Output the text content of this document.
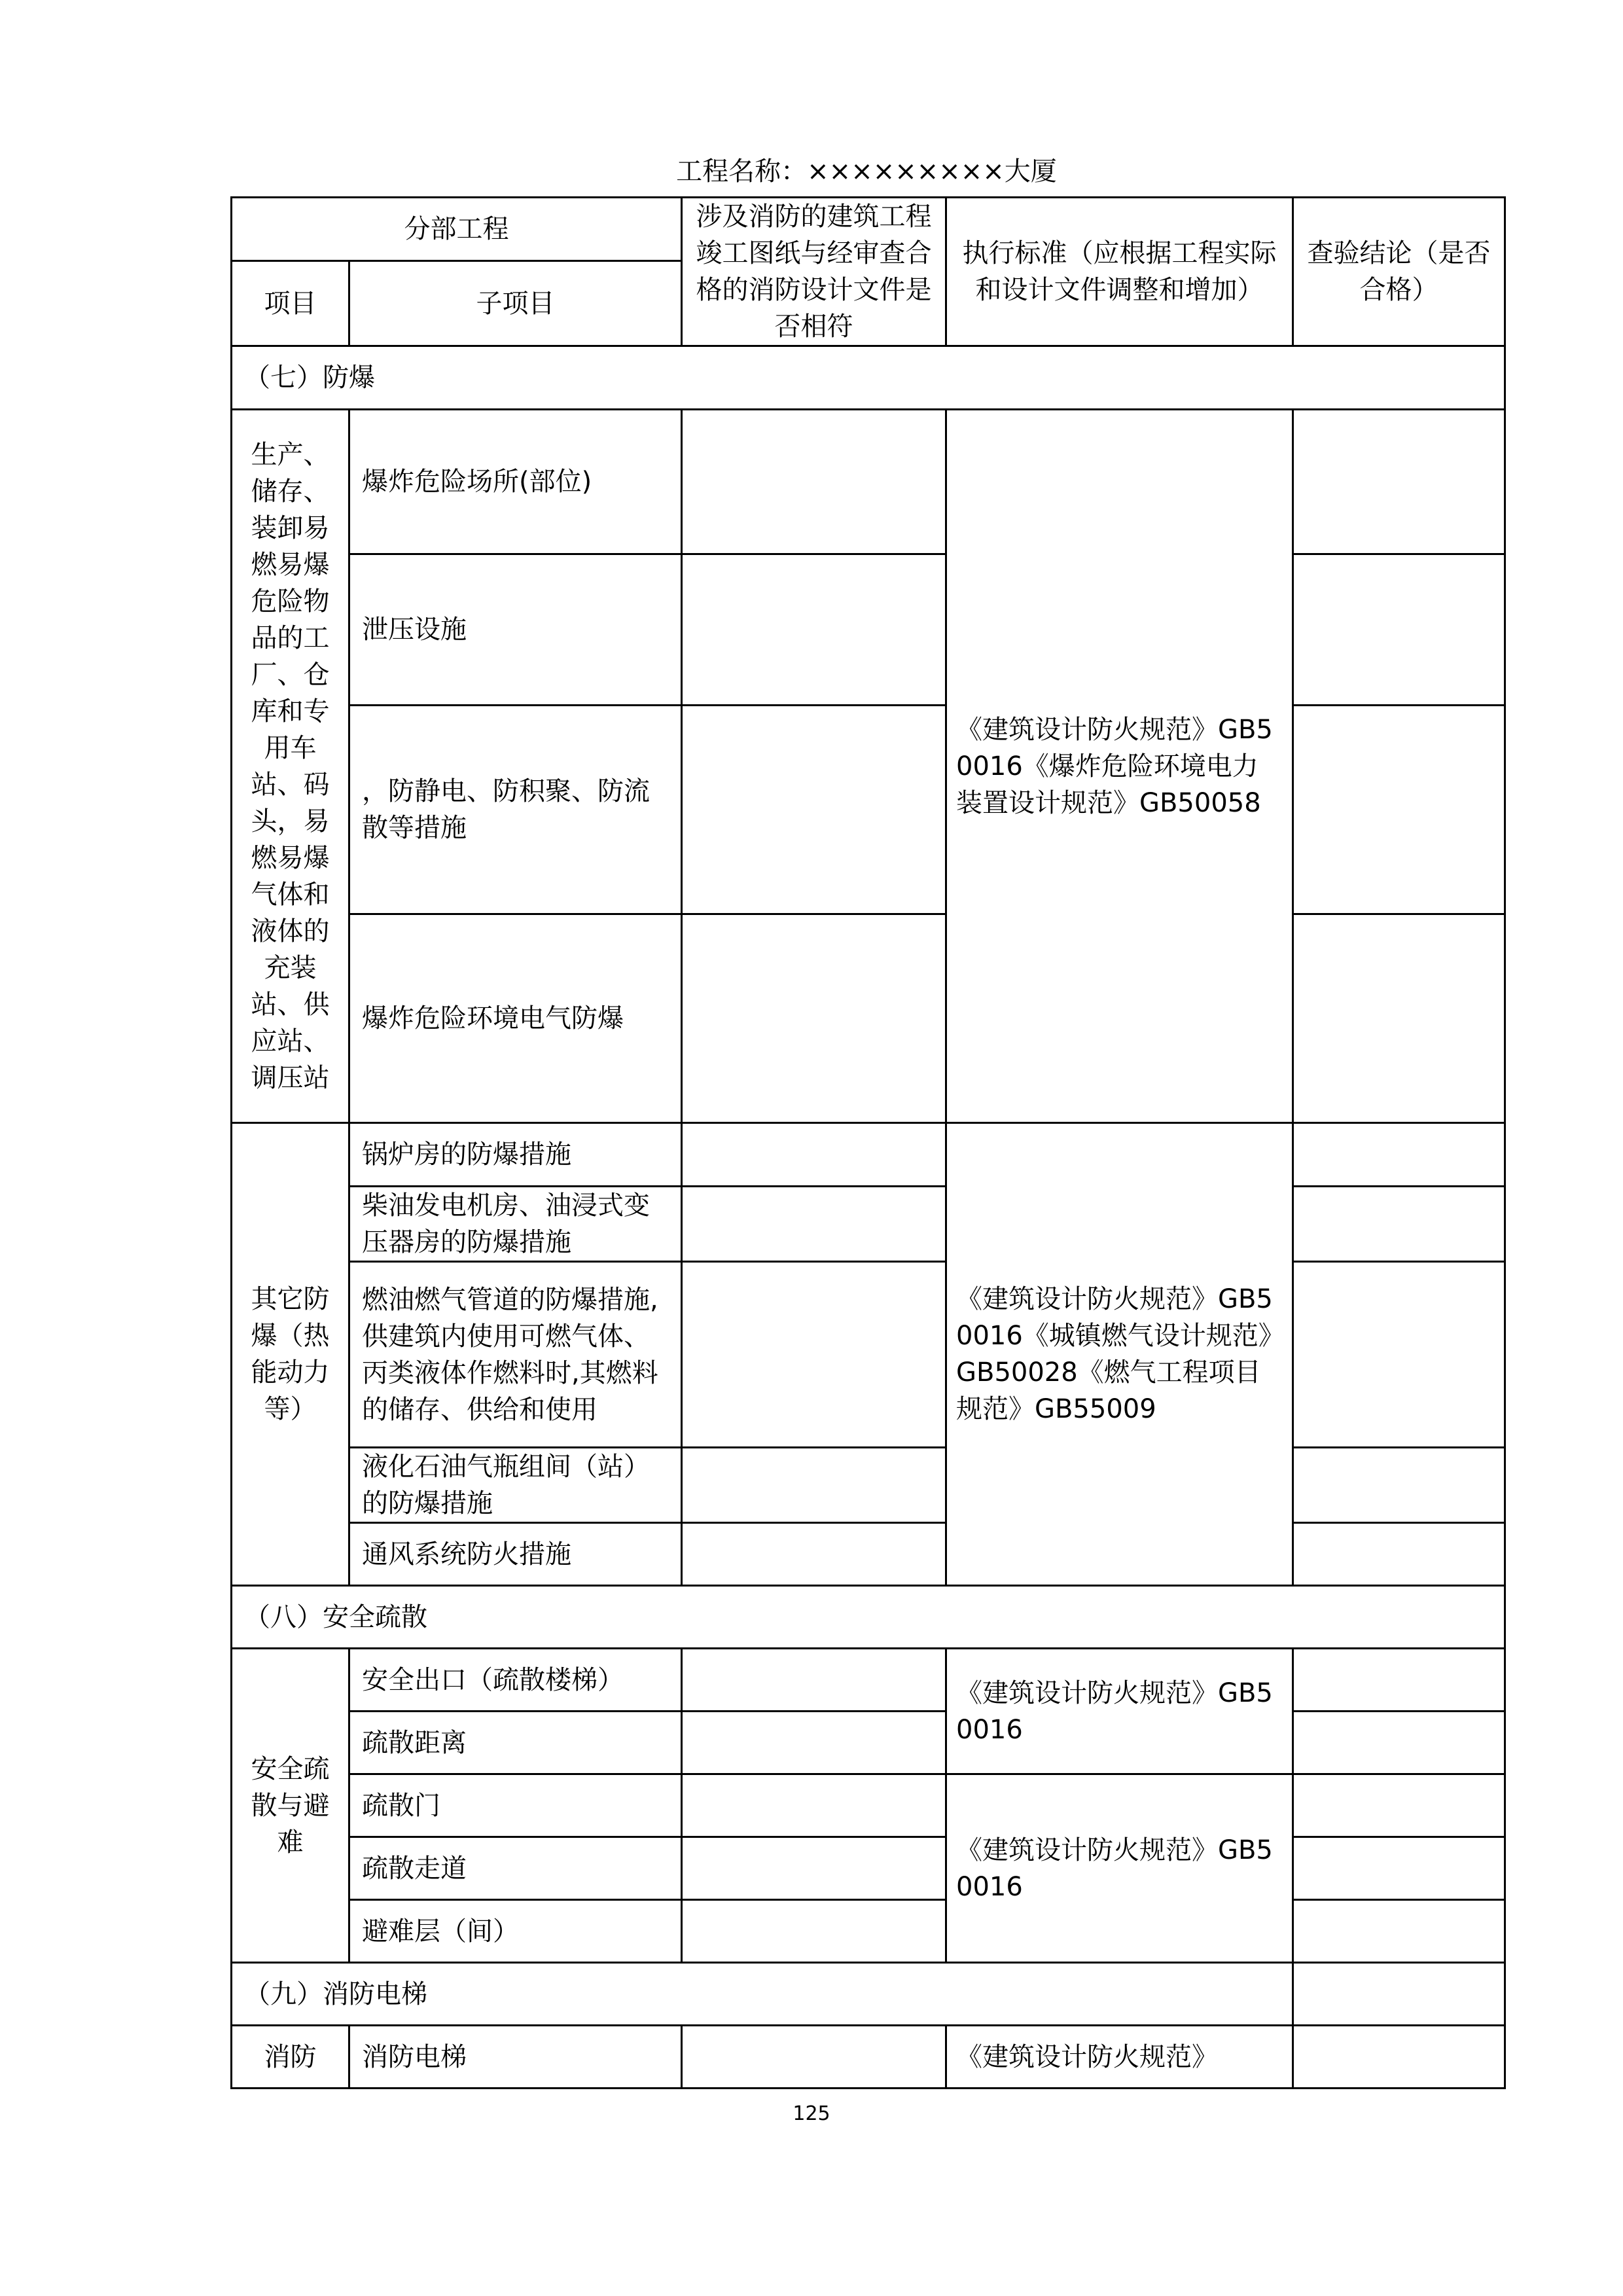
工程名称：×××××××××大厦
分部工程		涉及消防的建筑工程竣工图纸与经审查合格的消防设计文件是否相符	执行标准（应根据工程实际和设计文件调整和增加）	查验结论（是否合格）
项目	子项目			
（七）防爆				
生产、储存、装卸易燃易爆危险物品的工厂、仓库和专用车站、码头，易燃易爆气体和液体的充装站、供应站、调压站	爆炸危险场所(部位)		《建筑设计防火规范》GB50016《爆炸危险环境电力装置设计规范》GB50058	
	泄压设施			
	，防静电、防积聚、防流散等措施			
	爆炸危险环境电气防爆			
其它防爆（热能动力等）	锅炉房的防爆措施		《建筑设计防火规范》GB50016《城镇燃气设计规范》GB50028《燃气工程项目规范》GB55009	
	柴油发电机房、油浸式变压器房的防爆措施			
	燃油燃气管道的防爆措施,供建筑内使用可燃气体、丙类液体作燃料时,其燃料的储存、供给和使用			
	液化石油气瓶组间（站）的防爆措施			
	通风系统防火措施			
（八）安全疏散				
安全疏散与避难	安全出口（疏散楼梯）		《建筑设计防火规范》GB50016	
	疏散距离			
	疏散门		《建筑设计防火规范》GB50016	
	疏散走道			
	避难层（间）			
（九）消防电梯				
消防	消防电梯		《建筑设计防火规范》	
125
